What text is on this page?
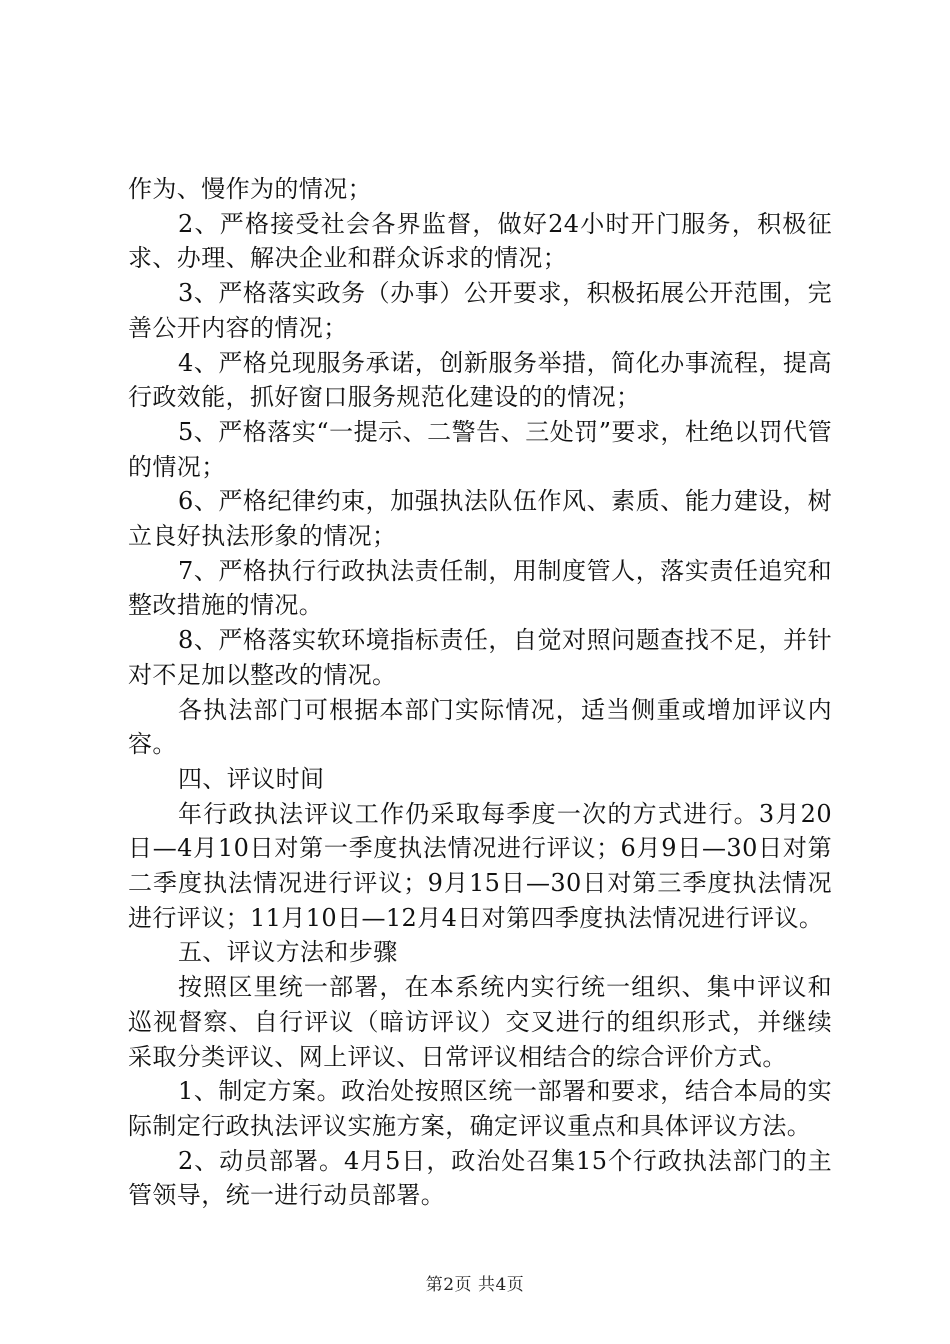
作为、慢作为的情况；

2、严格接受社会各界监督，做好24小时开门服务，积极征求、办理、解决企业和群众诉求的情况；

3、严格落实政务（办事）公开要求，积极拓展公开范围，完善公开内容的情况；

4、严格兑现服务承诺，创新服务举措，简化办事流程，提高行政效能，抓好窗口服务规范化建设的的情况；

5、严格落实“一提示、二警告、三处罚”要求，杜绝以罚代管的情况；

6、严格纪律约束，加强执法队伍作风、素质、能力建设，树立良好执法形象的情况；

7、严格执行行政执法责任制，用制度管人，落实责任追究和整改措施的情况。

8、严格落实软环境指标责任，自觉对照问题查找不足，并针对不足加以整改的情况。

各执法部门可根据本部门实际情况，适当侧重或增加评议内容。

四、评议时间

年行政执法评议工作仍采取每季度一次的方式进行。3月20日—4月10日对第一季度执法情况进行评议；6月9日—30日对第二季度执法情况进行评议；9月15日—30日对第三季度执法情况进行评议；11月10日—12月4日对第四季度执法情况进行评议。

五、评议方法和步骤

按照区里统一部署，在本系统内实行统一组织、集中评议和巡视督察、自行评议（暗访评议）交叉进行的组织形式，并继续采取分类评议、网上评议、日常评议相结合的综合评价方式。

1、制定方案。政治处按照区统一部署和要求，结合本局的实际制定行政执法评议实施方案，确定评议重点和具体评议方法。

2、动员部署。4月5日，政治处召集15个行政执法部门的主管领导，统一进行动员部署。

第2页 共4页
